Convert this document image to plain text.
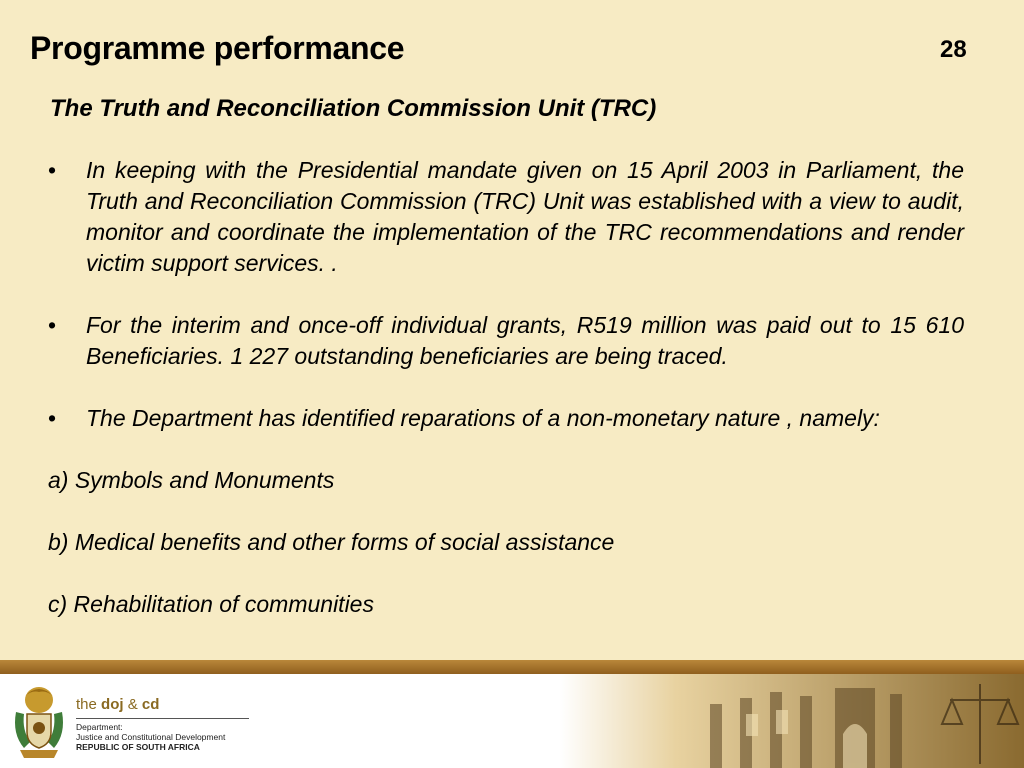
Programme performance	28
The Truth and Reconciliation Commission Unit (TRC)
• In keeping with the Presidential mandate given on 15 April 2003 in Parliament, the Truth and Reconciliation Commission (TRC) Unit was established with a view to audit, monitor and coordinate the implementation of the TRC recommendations and render victim support services. .
• For the interim and once-off individual grants, R519 million was paid out to 15 610 Beneficiaries. 1 227 outstanding beneficiaries are being traced.
• The Department has identified reparations of a non-monetary nature , namely:
a) Symbols and Monuments
b) Medical benefits and other forms of social assistance
c) Rehabilitation of communities
the doj & cd
Department:
Justice and Constitutional Development
REPUBLIC OF SOUTH AFRICA
